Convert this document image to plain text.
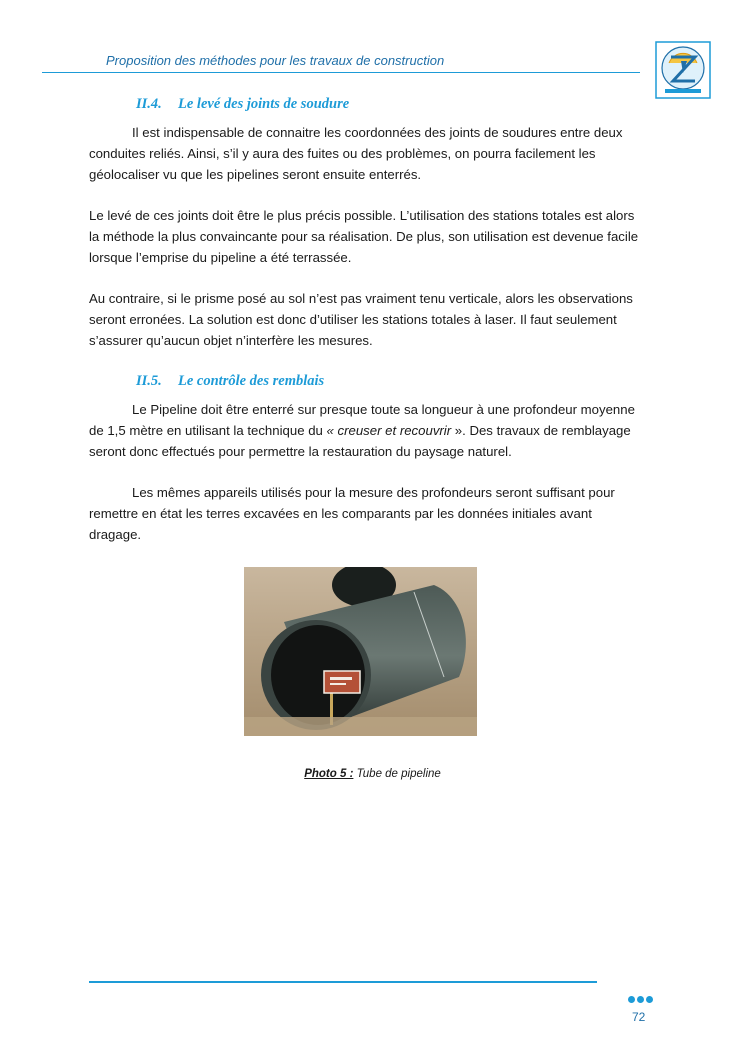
Proposition des méthodes pour les travaux de construction
II.4. Le levé des joints de soudure
Il est indispensable de connaitre les coordonnées des joints de soudures entre deux conduites reliés. Ainsi, s’il y aura des fuites ou des problèmes, on pourra facilement les géolocaliser vu que les pipelines seront ensuite enterrés.
Le levé de ces joints doit être le plus précis possible. L’utilisation des stations totales est alors la méthode la plus convaincante pour sa réalisation. De plus, son utilisation est devenue facile lorsque l’emprise du pipeline a été terrassée.
Au contraire, si le prisme posé au sol n’est pas vraiment tenu verticale, alors les observations seront erronées. La solution est donc d’utiliser les stations totales à laser. Il faut seulement s’assurer qu’aucun objet n’interfère les mesures.
II.5. Le contrôle des remblais
Le Pipeline doit être enterré sur presque toute sa longueur à une profondeur moyenne de 1,5 mètre en utilisant la technique du « creuser et recouvrir ». Des travaux de remblayage seront donc effectués pour permettre la restauration du paysage naturel.
Les mêmes appareils utilisés pour la mesure des profondeurs seront suffisant pour remettre en état les terres excavées en les comparants par les données initiales avant dragage.
Photo 5 : Tube de pipeline
72
